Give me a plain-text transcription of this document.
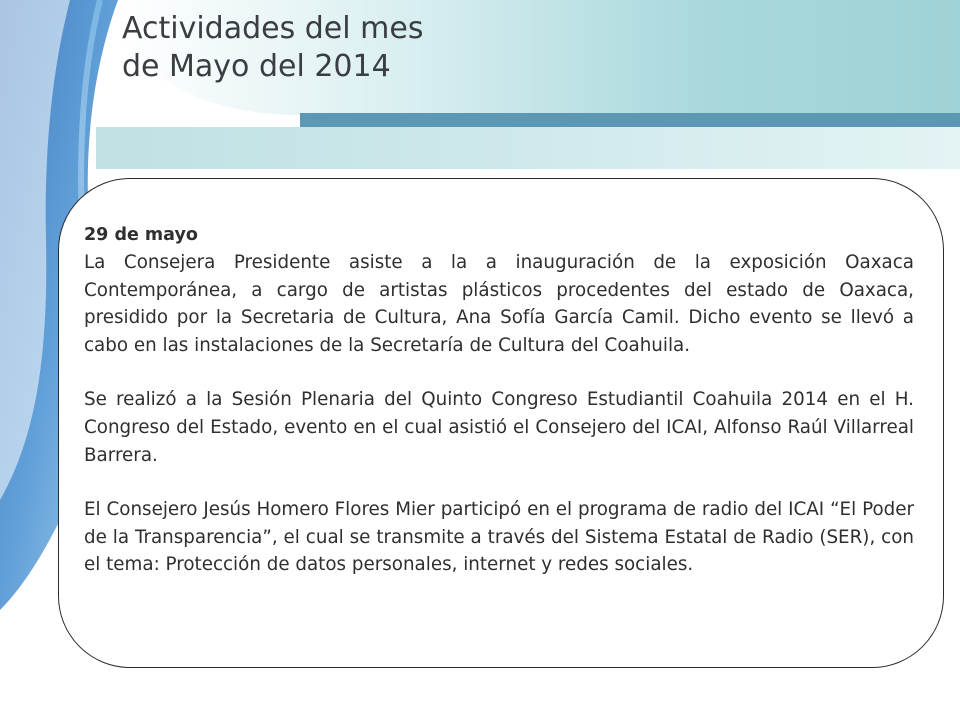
Actividades del mes
de Mayo del 2014

29 de mayo

La Consejera Presidente asiste a la a inauguración de la exposición Oaxaca Contemporánea, a cargo de artistas plásticos procedentes del estado de Oaxaca, presidido por la Secretaria de Cultura, Ana Sofía García Camil. Dicho evento se llevó a cabo en las instalaciones de la Secretaría de Cultura del Coahuila.

Se realizó a la Sesión Plenaria del Quinto Congreso Estudiantil Coahuila 2014 en el H. Congreso del Estado, evento en el cual asistió el Consejero del ICAI, Alfonso Raúl Villarreal Barrera.

El Consejero Jesús Homero Flores Mier participó en el programa de radio del ICAI “El Poder de la Transparencia”, el cual se transmite a través del Sistema Estatal de Radio (SER), con el tema: Protección de datos personales, internet y redes sociales.
